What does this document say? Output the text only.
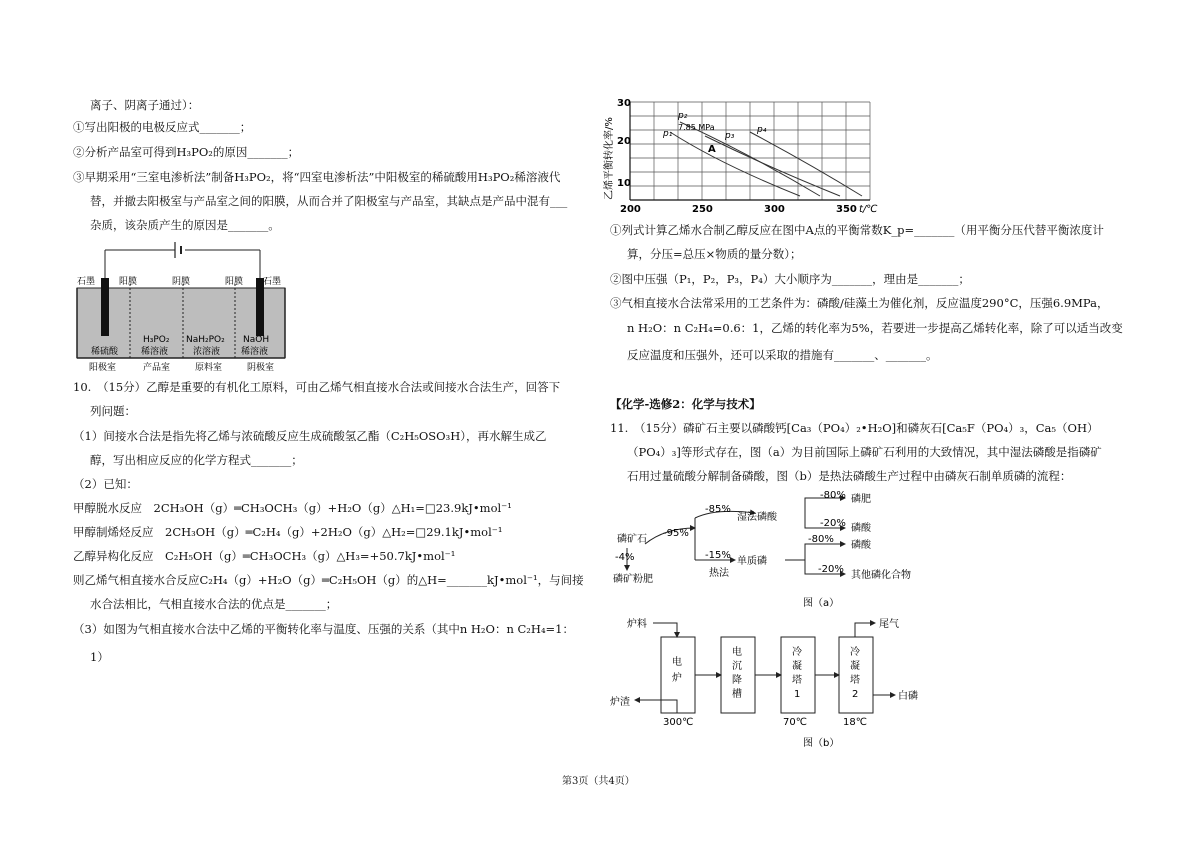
离子、阴离子通过）：
①写出阳极的电极反应式_______；
②分析产品室可得到H₃PO₂的原因_______；
③早期采用“三室电渗析法”制备H₃PO₂，将“四室电渗析法”中阳极室的稀硫酸用H₃PO₂稀溶液代
替，并撤去阳极室与产品室之间的阳膜，从而合并了阳极室与产品室，其缺点是产品中混有___
杂质，该杂质产生的原因是_______。
石墨	阳膜	阴膜	阳膜 石墨
稀硫酸
H₃PO₂
稀溶液
NaH₂PO₂
浓溶液
NaOH
稀溶液
阳极室	产品室	原料室	阴极室
10.　（15分）乙醇是重要的有机化工原料，可由乙烯气相直接水合法或间接水合法生产，回答下
列问题：
（1）间接水合法是指先将乙烯与浓硫酸反应生成硫酸氢乙酯（C₂H₅OSO₃H），再水解生成乙
醇，写出相应反应的化学方程式_______；
（2）已知：
甲醇脱水反应　2CH₃OH（g）═CH₃OCH₃（g）+H₂O（g）△H₁=□23.9kJ•mol⁻¹
甲醇制烯烃反应　2CH₃OH（g）═C₂H₄（g）+2H₂O（g）△H₂=□29.1kJ•mol⁻¹
乙醇异构化反应　C₂H₅OH（g）═CH₃OCH₃（g）△H₃=+50.7kJ•mol⁻¹
则乙烯气相直接水合反应C₂H₄（g）+H₂O（g）═C₂H₅OH（g）的△H=_______kJ•mol⁻¹，与间接
水合法相比，气相直接水合法的优点是_______；
（3）如图为气相直接水合法中乙烯的平衡转化率与温度、压强的关系（其中n H₂O：n C₂H₄=1：
1）
乙烯平衡转化率/%
30
20
10
200	250	300	350 t/℃
p₁
p₂
7.85 MPa
p₃
p₄
A
①列式计算乙烯水合制乙醇反应在图中A点的平衡常数K_p=_______（用平衡分压代替平衡浓度计
算，分压=总压×物质的量分数）；
②图中压强（P₁，P₂，P₃，P₄）大小顺序为_______，理由是_______；
③气相直接水合法常采用的工艺条件为：磷酸/硅藻土为催化剂，反应温度290°C，压强6.9MPa，
n H₂O：n C₂H₄=0.6：1，乙烯的转化率为5%，若要进一步提高乙烯转化率，除了可以适当改变
反应温度和压强外，还可以采取的措施有_______、_______。
【化学-选修2：化学与技术】
11.　（15分）磷矿石主要以磷酸钙[Ca₃（PO₄）₂•H₂O]和磷灰石[Ca₅F（PO₄）₃，Ca₅（OH）
（PO₄）₃]等形式存在，图（a）为目前国际上磷矿石利用的大致情况，其中湿法磷酸是指磷矿
石用过量硫酸分解制备磷酸，图（b）是热法磷酸生产过程中由磷灰石制单质磷的流程：
磷矿石
-95%
-4%
磷矿粉肥
-85%
湿法磷酸
-80% 磷肥
-20% 磷酸
-15%
单质磷
热法
-80%
磷酸
-20%
其他磷化合物
图（a）
炉料
电炉
电沉降槽
冷凝塔 1
冷凝塔 2
尾气
炉渣
白磷
300℃	70℃	18℃
图（b）
第3页（共4页）
